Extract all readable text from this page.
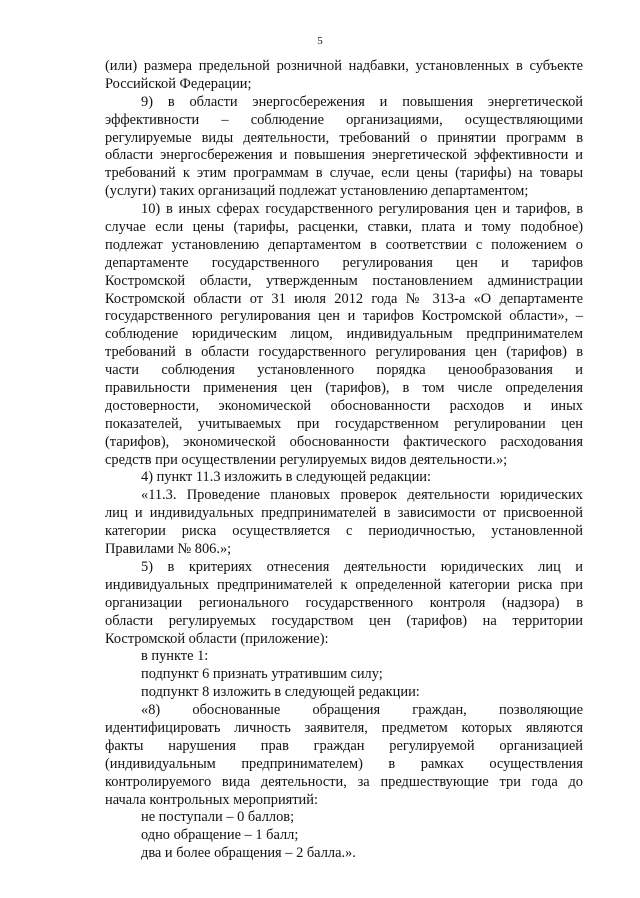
5
(или) размера предельной розничной надбавки, установленных в субъекте
Российской Федерации;
9) в области энергосбережения и повышения энергетической
эффективности – соблюдение организациями, осуществляющими
регулируемые виды деятельности, требований о принятии программ в
области энергосбережения и повышения энергетической эффективности и
требований к этим программам в случае, если цены (тарифы) на товары
(услуги) таких организаций подлежат установлению департаментом;
10) в иных сферах государственного регулирования цен и тарифов, в
случае если цены (тарифы, расценки, ставки, плата и тому подобное)
подлежат установлению департаментом в соответствии с положением о
департаменте государственного регулирования цен и тарифов
Костромской области, утвержденным постановлением администрации
Костромской области от 31 июля 2012 года № 313-а «О департаменте
государственного регулирования цен и тарифов Костромской области», –
соблюдение юридическим лицом, индивидуальным предпринимателем
требований в области государственного регулирования цен (тарифов) в
части соблюдения установленного порядка ценообразования и
правильности применения цен (тарифов), в том числе определения
достоверности, экономической обоснованности расходов и иных
показателей, учитываемых при государственном регулировании цен
(тарифов), экономической обоснованности фактического расходования
средств при осуществлении регулируемых видов деятельности.»;
4) пункт 11.3 изложить в следующей редакции:
«11.3. Проведение плановых проверок деятельности юридических
лиц и индивидуальных предпринимателей в зависимости от присвоенной
категории риска осуществляется с периодичностью, установленной
Правилами № 806.»;
5) в критериях отнесения деятельности юридических лиц и
индивидуальных предпринимателей к определенной категории риска при
организации регионального государственного контроля (надзора) в
области регулируемых государством цен (тарифов) на территории
Костромской области (приложение):
в пункте 1:
подпункт 6 признать утратившим силу;
подпункт 8 изложить в следующей редакции:
«8) обоснованные обращения граждан, позволяющие
идентифицировать личность заявителя, предметом которых являются
факты нарушения прав граждан регулируемой организацией
(индивидуальным предпринимателем) в рамках осуществления
контролируемого вида деятельности, за предшествующие три года до
начала контрольных мероприятий:
не поступали – 0 баллов;
одно обращение – 1 балл;
два и более обращения – 2 балла.».
